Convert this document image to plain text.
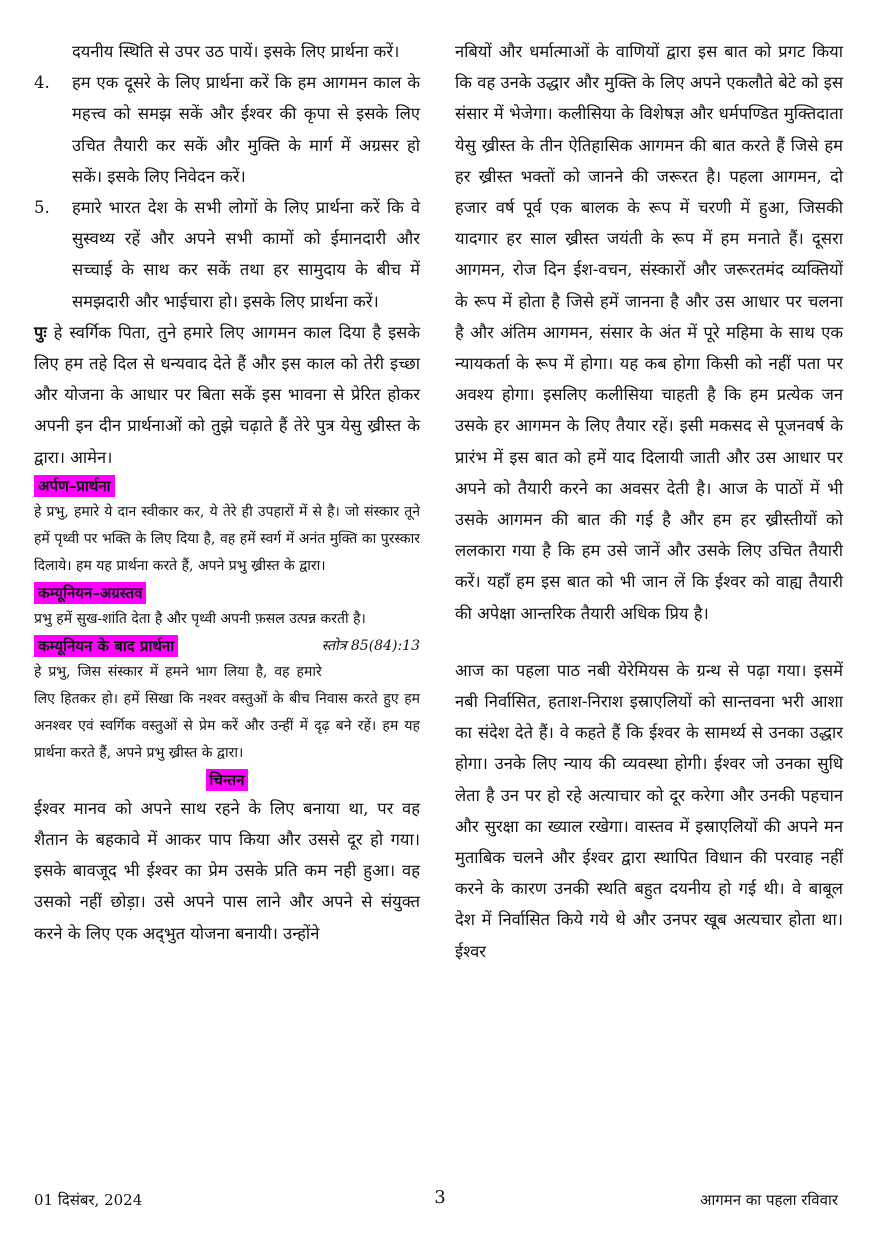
दयनीय स्थिति से उपर उठ पायें। इसके लिए प्रार्थना करें।

4.	हम एक दूसरे के लिए प्रार्थना करें कि हम आगमन काल के महत्त्व को समझ सकें और ईश्वर की कृपा से इसके लिए उचित तैयारी कर सकें और मुक्ति के मार्ग में अग्रसर हो सकें। इसके लिए निवेदन करें।
5.	हमारे भारत देश के सभी लोगों के लिए प्रार्थना करें कि वे सुस्वथ्य रहें और अपने सभी कामों को ईमानदारी और सच्चाई के साथ कर सकें तथा हर सामुदाय के बीच में समझदारी और भाईचारा हो। इसके लिए प्रार्थना करें।

पुः हे स्वर्गिक पिता, तुने हमारे लिए आगमन काल दिया है इसके लिए हम तहे दिल से धन्यवाद देते हैं और इस काल को तेरी इच्छा और योजना के आधार पर बिता सकें इस भावना से प्रेरित होकर अपनी इन दीन प्रार्थनाओं को तुझे चढ़ाते हैं तेरे पुत्र येसु ख्रीस्त के द्वारा। आमेन।

अर्पण–प्रार्थना

हे प्रभु, हमारे ये दान स्वीकार कर, ये तेरे ही उपहारों में से है। जो संस्कार तूने हमें पृथ्वी पर भक्ति के लिए दिया है, वह हमें स्वर्ग में अनंत मुक्ति का पुरस्कार दिलाये। हम यह प्रार्थना करते हैं, अपने प्रभु ख्रीस्त के द्वारा।

कम्यूनियन–अग्रस्तव

प्रभु हमें सुख-शांति देता है और पृथ्वी अपनी फ़सल उत्पन्न करती है।
स्तोत्र 85(84):13

कम्यूनियन के बाद प्रार्थना

हे प्रभु, जिस संस्कार में हमने भाग लिया है, वह हमारे लिए हितकर हो। हमें सिखा कि नश्वर वस्तुओं के बीच निवास करते हुए हम अनश्वर एवं स्वर्गिक वस्तुओं से प्रेम करें और उन्हीं में दृढ़ बने रहें। हम यह प्रार्थना करते हैं, अपने प्रभु ख्रीस्त के द्वारा।

चिन्तन

ईश्वर मानव को अपने साथ रहने के लिए बनाया था, पर वह शैतान के बहकावे में आकर पाप किया और उससे दूर हो गया। इसके बावजूद भी ईश्वर का प्रेम उसके प्रति कम नही हुआ। वह उसको नहीं छोड़ा। उसे अपने पास लाने और अपने से संयुक्त करने के लिए एक अद्‌भुत योजना बनायी। उन्होंने

नबियों और धर्मात्माओं के वाणियों द्वारा इस बात को प्रगट किया कि वह उनके उद्धार और मुक्ति के लिए अपने एकलौते बेटे को इस संसार में भेजेगा। कलीसिया के विशेषज्ञ और धर्मपण्डित मुक्तिदाता येसु ख्रीस्त के तीन ऐतिहासिक आगमन की बात करते हैं जिसे हम हर ख्रीस्त भक्तों को जानने की जरूरत है। पहला आगमन, दो हजार वर्ष पूर्व एक बालक के रूप में चरणी में हुआ, जिसकी यादगार हर साल ख्रीस्त जयंती के रूप में हम मनाते हैं। दूसरा आगमन, रोज दिन ईश-वचन, संस्कारों और जरूरतमंद व्यक्तियों के रूप में होता है जिसे हमें जानना है और उस आधार पर चलना है और अंतिम आगमन, संसार के अंत में पूरे महिमा के साथ एक न्यायकर्ता के रूप में होगा। यह कब होगा किसी को नहीं पता पर अवश्य होगा। इसलिए कलीसिया चाहती है कि हम प्रत्येक जन उसके हर आगमन के लिए तैयार रहें। इसी मकसद से पूजनवर्ष के प्रारंभ में इस बात को हमें याद दिलायी जाती और उस आधार पर अपने को तैयारी करने का अवसर देती है। आज के पाठों में भी उसके आगमन की बात की गई है और हम हर ख्रीस्तीयों को ललकारा गया है कि हम उसे जानें और उसके लिए उचित तैयारी करें। यहाँ हम इस बात को भी जान लें कि ईश्वर को वाह्य तैयारी की अपेक्षा आन्तरिक तैयारी अधिक प्रिय है।

आज का पहला पाठ नबी येरेमियस के ग्रन्थ से पढ़ा गया। इसमें नबी निर्वासित, हताश-निराश इस्राएलियों को सान्तवना भरी आशा का संदेश देते हैं। वे कहते हैं कि ईश्वर के सामर्थ्य से उनका उद्धार होगा। उनके लिए न्याय की व्यवस्था होगी। ईश्वर जो उनका सुधि लेता है उन पर हो रहे अत्याचार को दूर करेगा और उनकी पहचान और सुरक्षा का ख्याल रखेगा। वास्तव में इस्राएलियों की अपने मन मुताबिक चलने और ईश्वर द्वारा स्थापित विधान की परवाह नहीं करने के कारण उनकी स्थति बहुत दयनीय हो गई थी। वे बाबूल देश में निर्वासित किये गये थे और उनपर खूब अत्यचार होता था। ईश्वर

01 दिसंबर, 2024	3	आगमन का पहला रविवार
